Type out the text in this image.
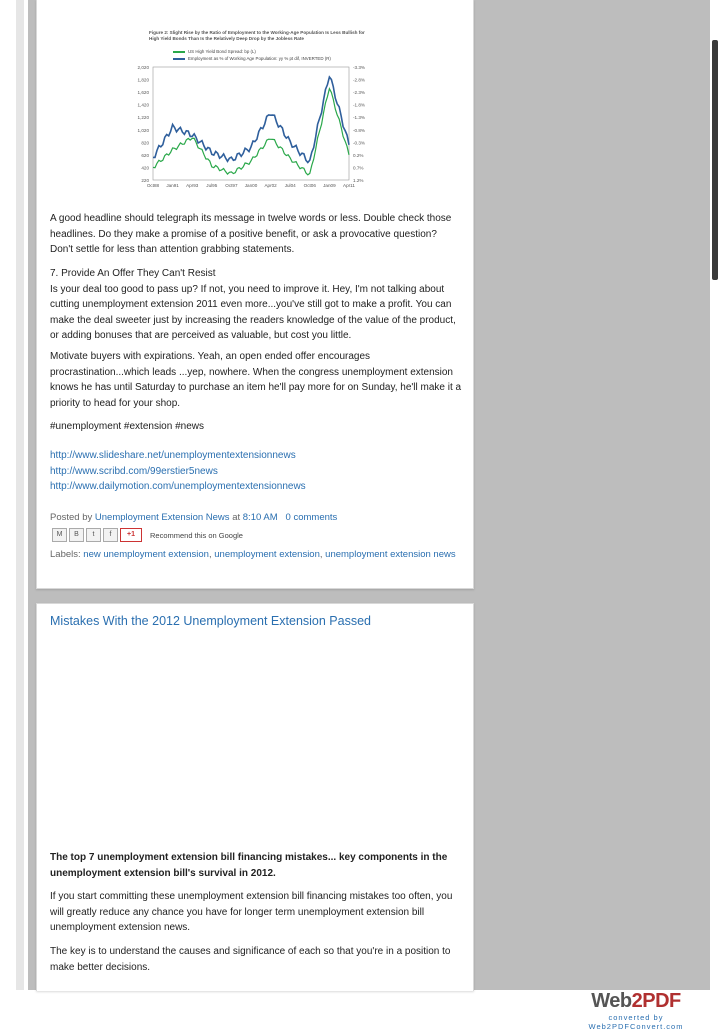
Figure 2: Slight Rise by the Ratio of Employment to the Working-Age Population Is Less Bullish for High Yield Bonds Than Is the Relatively Deep Drop by the Jobless Rate
US High Yield Bond Spread: bp (L)
Employment as % of Working Age Population: yy % pt dif, INVERTED (R)
2,020
1,820
1,620
1,420
1,220
1,020
820
620
420
220
-3.3%
-2.8%
-2.3%
-1.8%
-1.3%
-0.8%
-0.3%
0.2%
0.7%
1.2%
Oct88 Jan91 Apr93 Jul95 Oct97 Jan00 Apr02 Jul04 Oct06 Jan09 Apr11

A good headline should telegraph its message in twelve words or less. Double check those headlines. Do they make a promise of a positive benefit, or ask a provocative question? Don't settle for less than attention grabbing statements.

7. Provide An Offer They Can't Resist

Is your deal too good to pass up? If not, you need to improve it. Hey, I'm not talking about cutting unemployment extension 2011 even more...you've still got to make a profit. You can make the deal sweeter just by increasing the readers knowledge of the value of the product, or adding bonuses that are perceived as valuable, but cost you little.

Motivate buyers with expirations. Yeah, an open ended offer encourages procrastination...which leads ...yep, nowhere. When the congress unemployment extension knows he has until Saturday to purchase an item he'll pay more for on Sunday, he'll make it a priority to head for your shop.

#unemployment #extension #news

http://www.slideshare.net/unemploymentextensionnews

http://www.scribd.com/99erstier5news

http://www.dailymotion.com/unemploymentextensionnews

Posted by Unemployment Extension News at 8:10 AM 0 comments
M	B	t	f	+1	Recommend this on Google
Labels: new unemployment extension, unemployment extension, unemployment extension news
Mistakes With the 2012 Unemployment Extension Passed
The top 7 unemployment extension bill financing mistakes... key components in the unemployment extension bill's survival in 2012.
If you start committing these unemployment extension bill financing mistakes too often, you will greatly reduce any chance you have for longer term unemployment extension bill unemployment extension news.
The key is to understand the causes and significance of each so that you're in a position to make better decisions.
Web2PDF
converted by Web2PDFConvert.com
